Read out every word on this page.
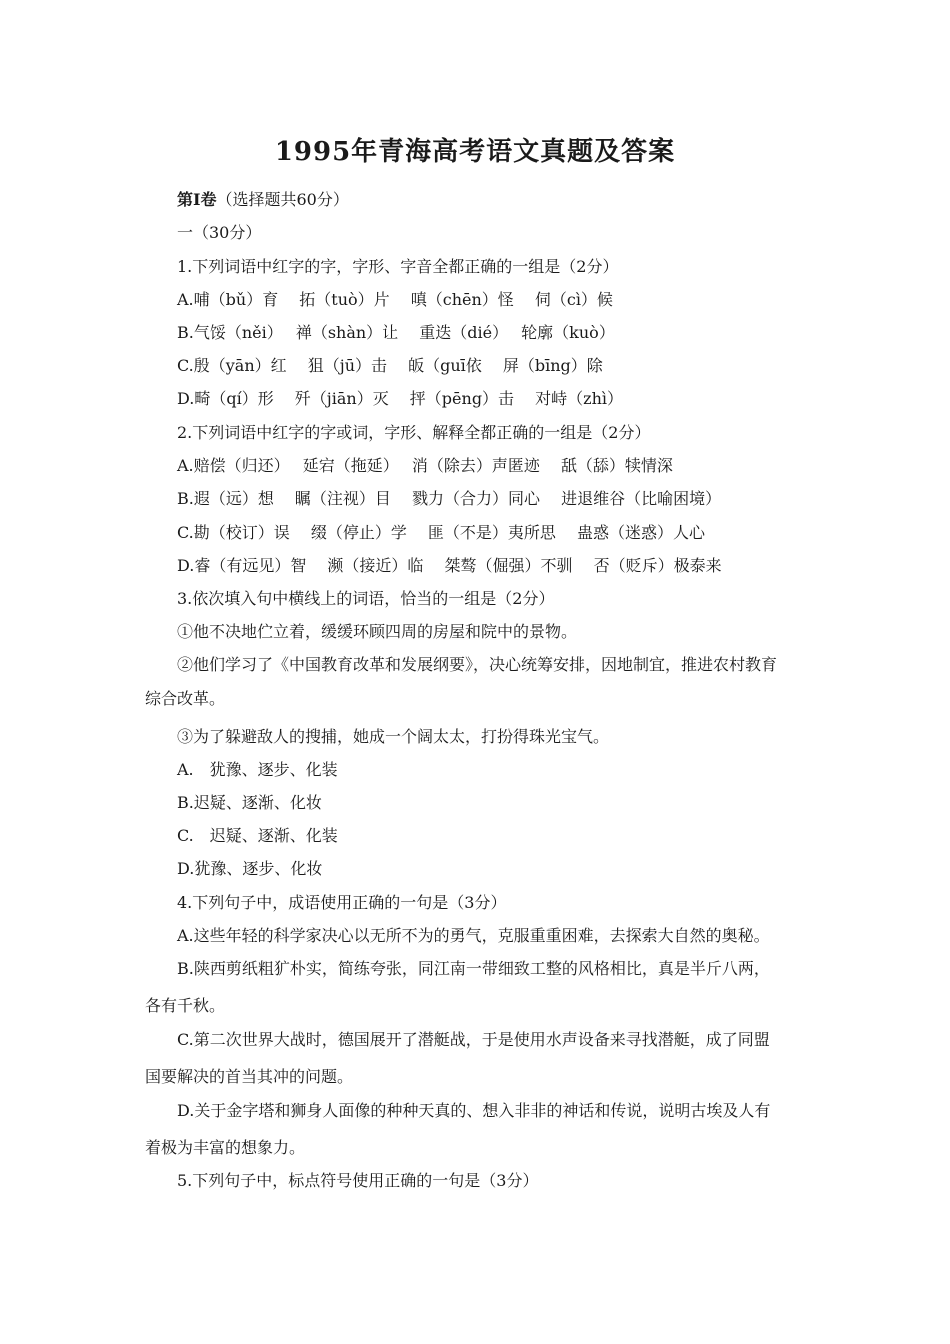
1995年青海高考语文真题及答案
第Ⅰ卷（选择题共60分）
一（30分）
1.下列词语中红字的字，字形、字音全都正确的一组是（2分）
A.哺（bǔ）育　 拓（tuò）片　 嗔（chēn）怪　 伺（cì）候
B.气馁（něi）　 禅（shàn）让　 重迭（dié）　 轮廓（kuò）
C.殷（yān）红　 狙（jū）击　 皈（guī依　 屏（bīng）除
D.畸（qí）形　 歼（jiān）灭　 抨（pēng）击　 对峙（zhì）
2.下列词语中红字的字或词，字形、解释全都正确的一组是（2分）
A.赔偿（归还）　 延宕（拖延）　 消（除去）声匿迹　 舐（舔）犊情深
B.遐（远）想　 瞩（注视）目　 戮力（合力）同心　 进退维谷（比喻困境）
C.勘（校订）误　 缀（停止）学　 匪（不是）夷所思　 蛊惑（迷惑）人心
D.睿（有远见）智　 濒（接近）临　 桀骜（倔强）不驯　 否（贬斥）极泰来
3.依次填入句中横线上的词语，恰当的一组是（2分）
①他不决地伫立着，缓缓环顾四周的房屋和院中的景物。
②他们学习了《中国教育改革和发展纲要》，决心统筹安排，因地制宜，推进农村教育
综合改革。
③为了躲避敌人的搜捕，她成一个阔太太，打扮得珠光宝气。
A.　犹豫、逐步、化装
B.迟疑、逐渐、化妆
C.　迟疑、逐渐、化装
D.犹豫、逐步、化妆
4.下列句子中，成语使用正确的一句是（3分）
A.这些年轻的科学家决心以无所不为的勇气，克服重重困难，去探索大自然的奥秘。
B.陕西剪纸粗犷朴实，简练夸张，同江南一带细致工整的风格相比，真是半斤八两，
各有千秋。
C.第二次世界大战时，德国展开了潜艇战，于是使用水声设备来寻找潜艇，成了同盟
国要解决的首当其冲的问题。
D.关于金字塔和狮身人面像的种种天真的、想入非非的神话和传说，说明古埃及人有
着极为丰富的想象力。
5.下列句子中，标点符号使用正确的一句是（3分）
